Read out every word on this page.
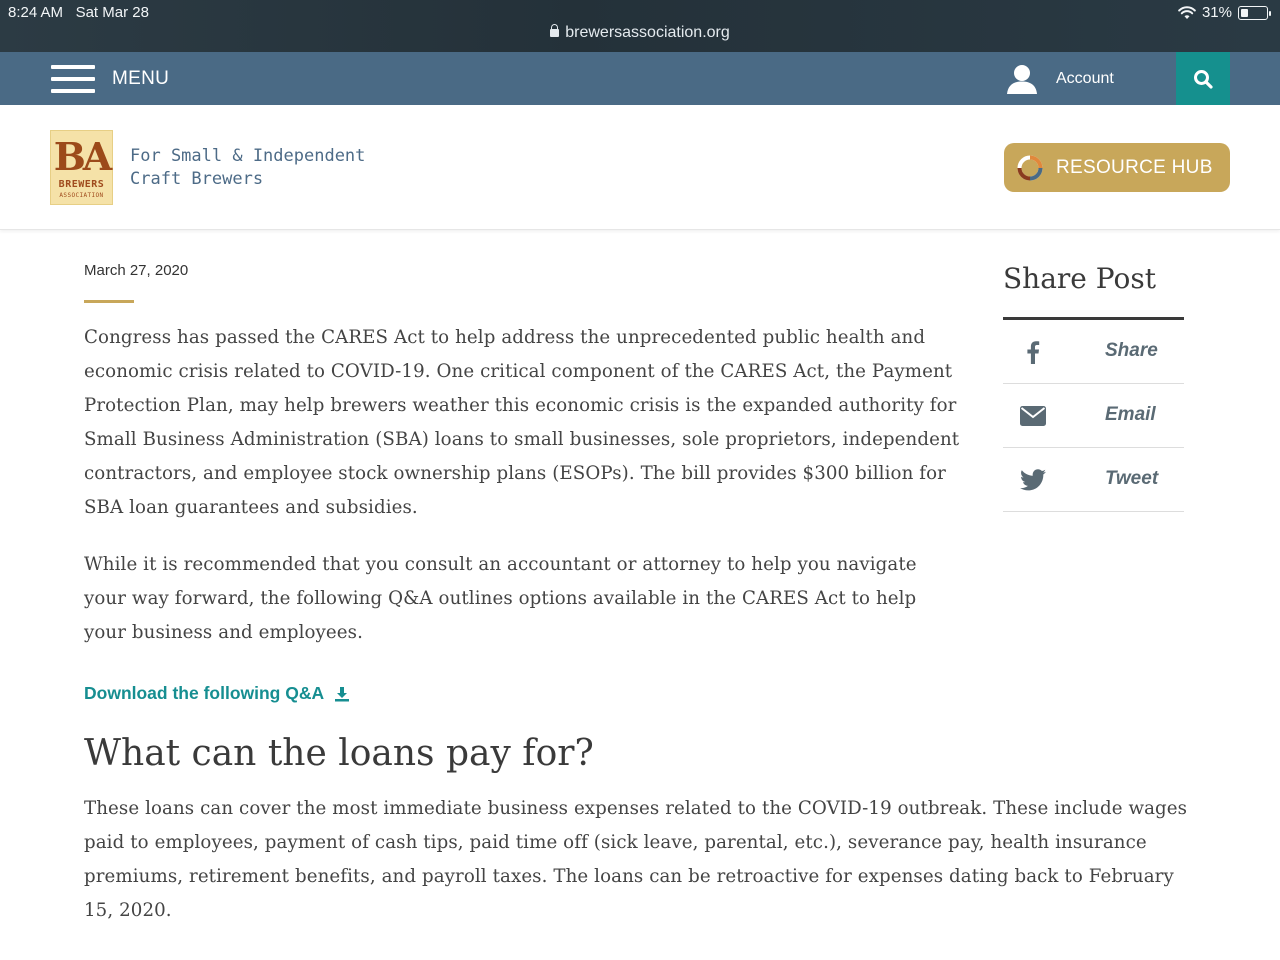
8:24 AM Sat Mar 28	31%
brewersassociation.org
MENU	Account
BA
BREWERS
ASSOCIATION
For Small & Independent
Craft Brewers
RESOURCE HUB
March 27, 2020

Congress has passed the CARES Act to help address the unprecedented public health and economic crisis related to COVID-19. One critical component of the CARES Act, the Payment Protection Plan, may help brewers weather this economic crisis is the expanded authority for Small Business Administration (SBA) loans to small businesses, sole proprietors, independent contractors, and employee stock ownership plans (ESOPs). The bill provides $300 billion for SBA loan guarantees and subsidies.

While it is recommended that you consult an accountant or attorney to help you navigate your way forward, the following Q&A outlines options available in the CARES Act to help your business and employees.

Download the following Q&A
What can the loans pay for?

These loans can cover the most immediate business expenses related to the COVID-19 outbreak. These include wages paid to employees, payment of cash tips, paid time off (sick leave, parental, etc.), severance pay, health insurance premiums, retirement benefits, and payroll taxes. The loans can be retroactive for expenses dating back to February 15, 2020.

Share Post
Share
Email
Tweet
